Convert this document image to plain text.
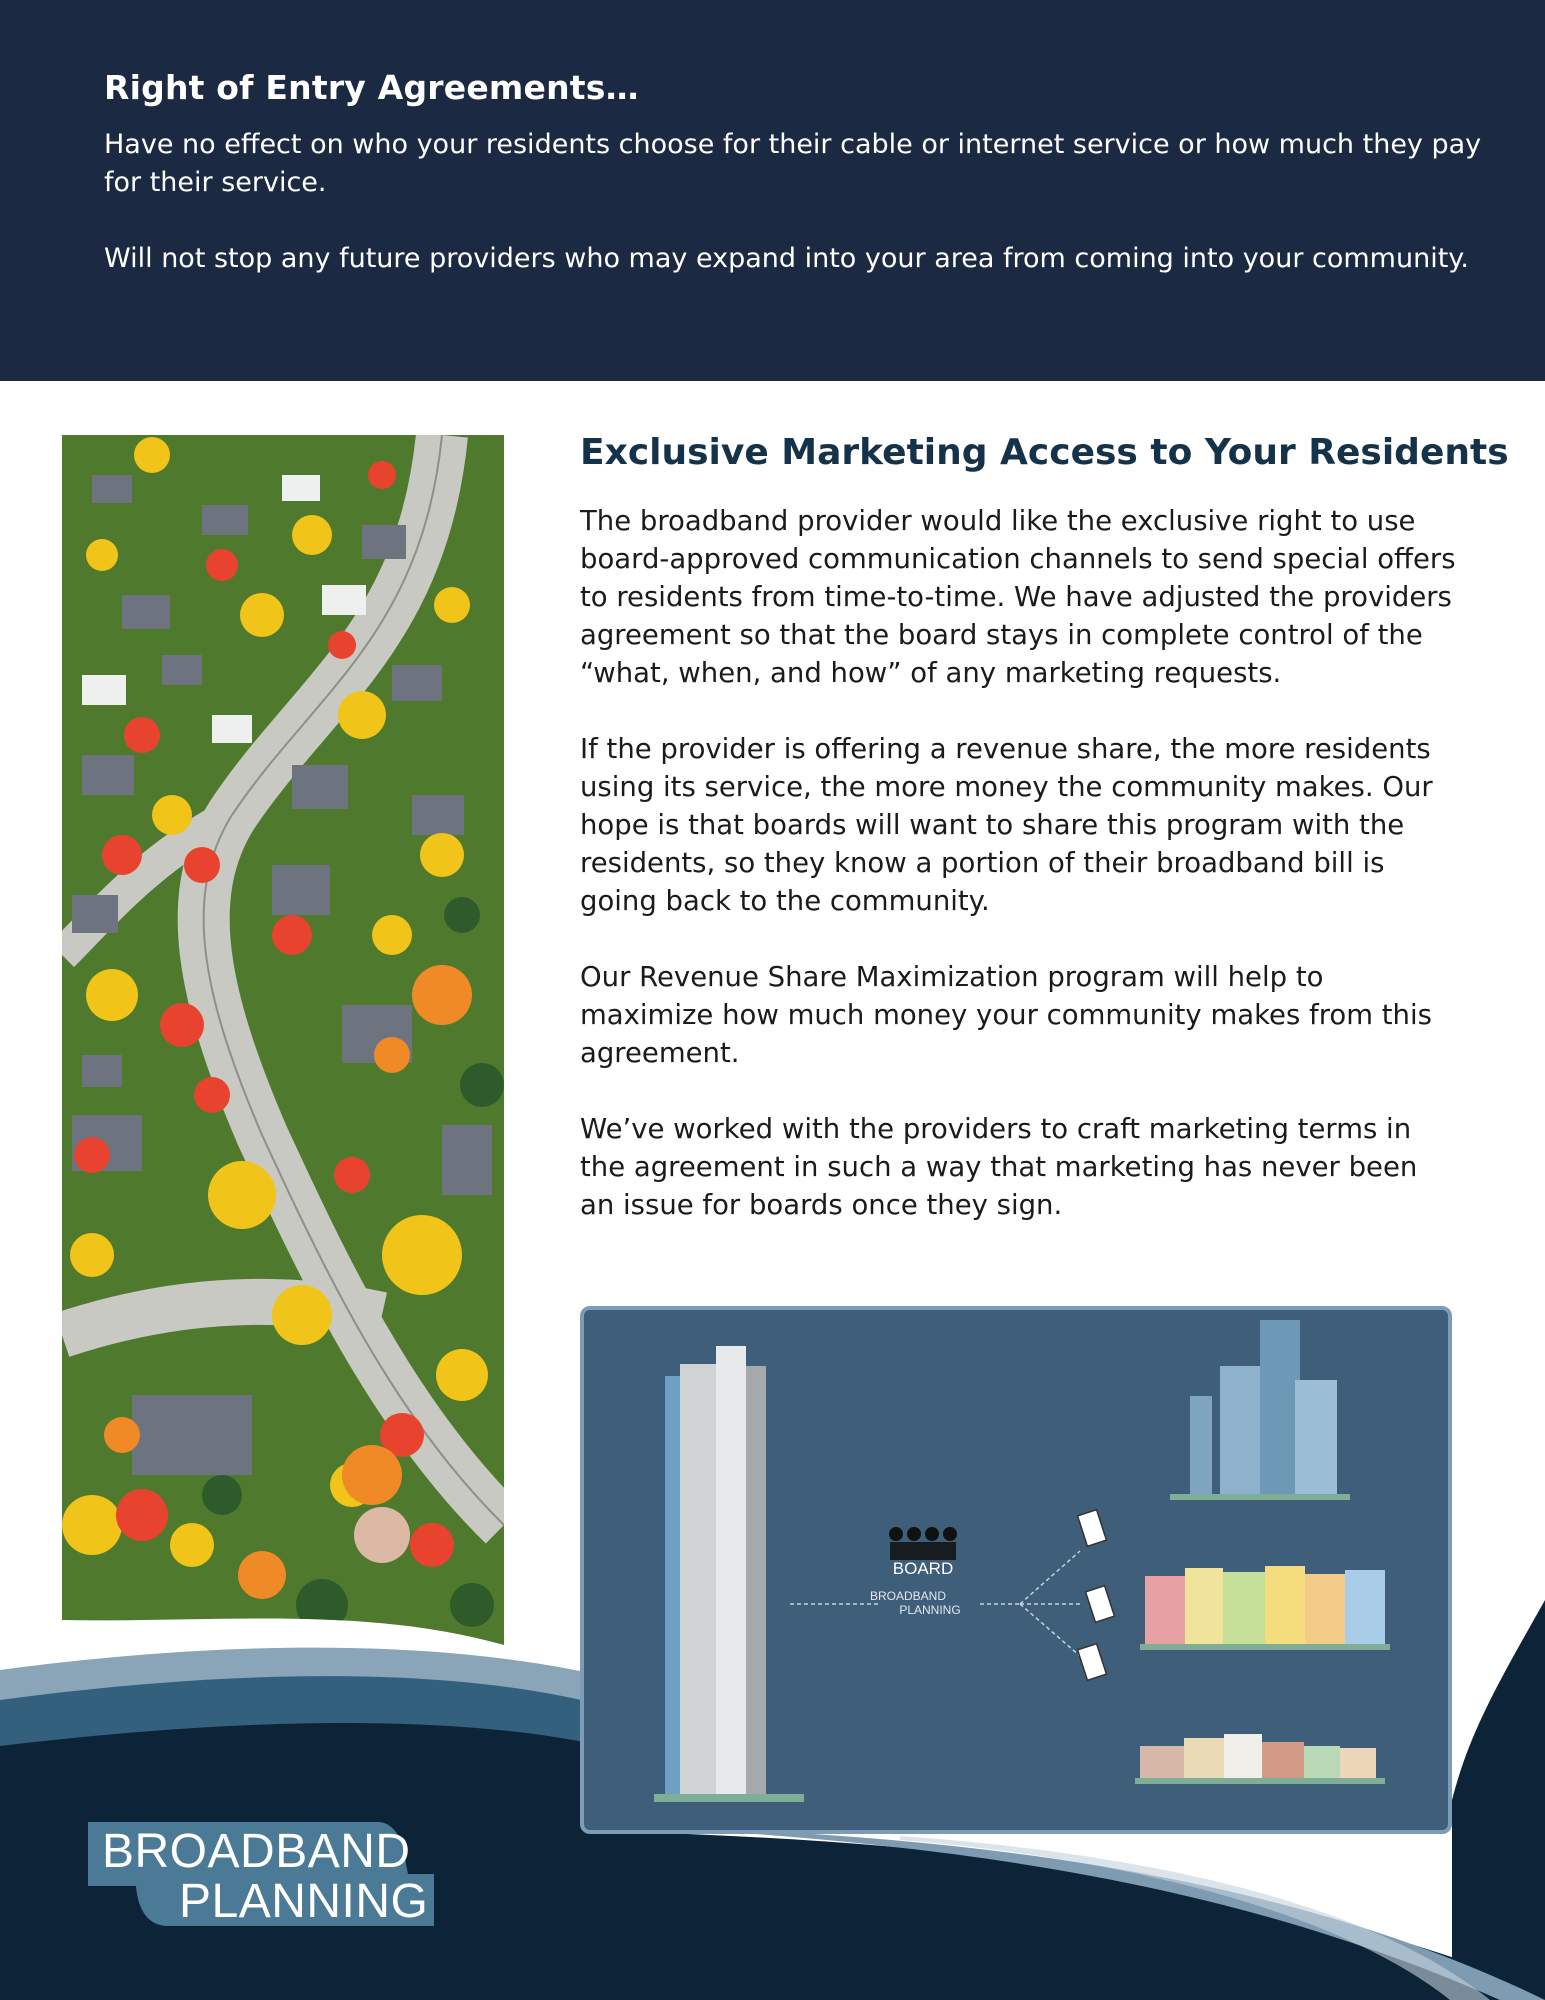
Right of Entry Agreements…

Have no effect on who your residents choose for their cable or internet service or how much they pay for their service.

Will not stop any future providers who may expand into your area from coming into your community.

Exclusive Marketing Access to Your Residents

The broadband provider would like the exclusive right to use board-approved communication channels to send special offers to residents from time-to-time. We have adjusted the providers agreement so that the board stays in complete control of the “what, when, and how” of any marketing requests.

If the provider is offering a revenue share, the more residents using its service, the more money the community makes. Our hope is that boards will want to share this program with the residents, so they know a portion of their broadband bill is going back to the community.

Our Revenue Share Maximization program will help to maximize how much money your community makes from this agreement.

We’ve worked with the providers to craft marketing terms in the agreement in such a way that marketing has never been an issue for boards once they sign.

BOARD
BROADBAND
PLANNING
BROADBAND
PLANNING
